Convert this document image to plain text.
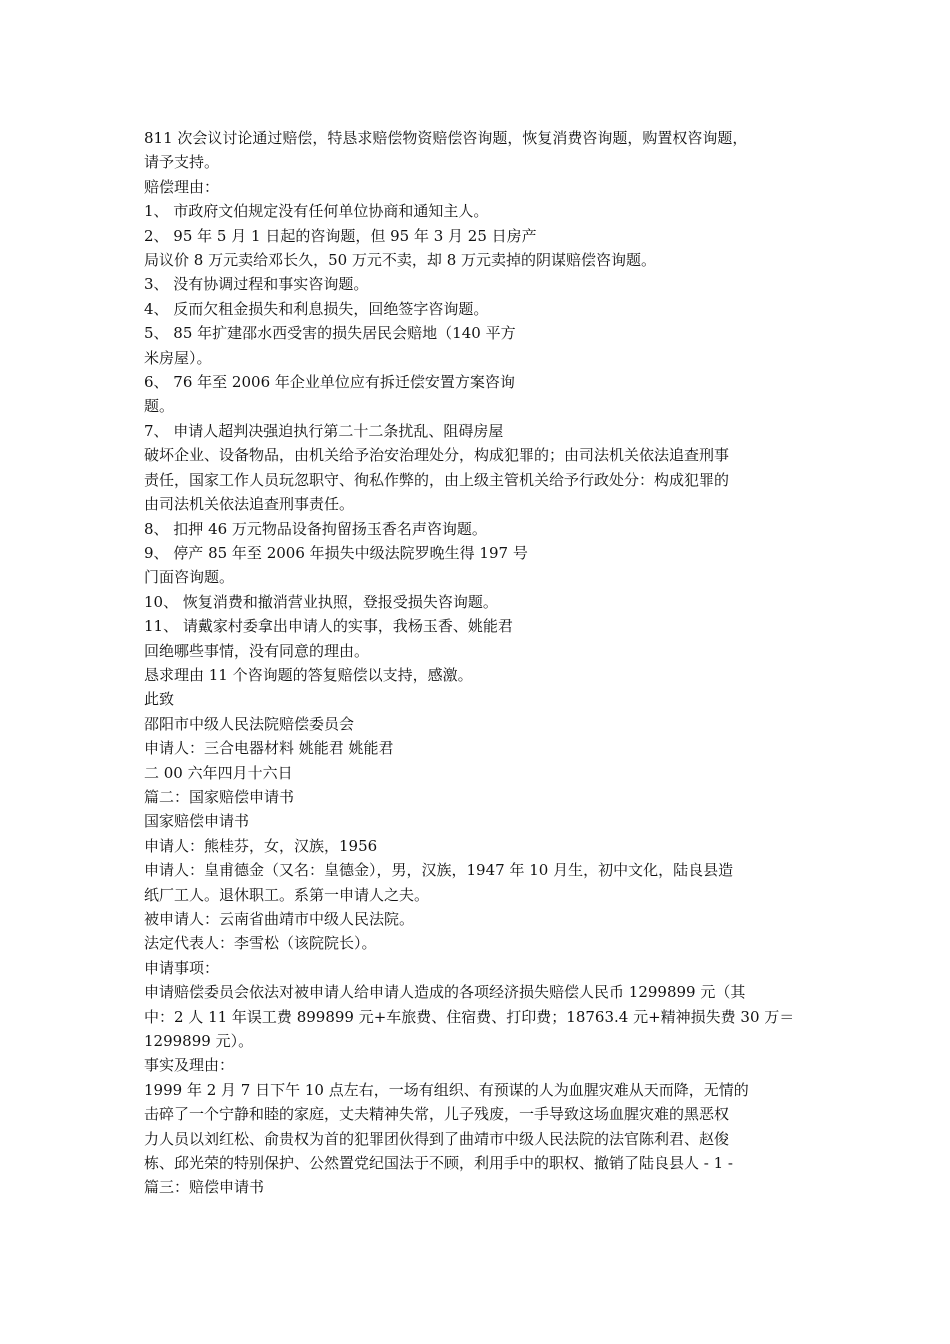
811 次会议讨论通过赔偿，特恳求赔偿物资赔偿咨询题，恢复消费咨询题，购置权咨询题，

请予支持。

赔偿理由：

1、 市政府文伯规定没有任何单位协商和通知主人。

2、 95 年 5 月 1 日起的咨询题，但 95 年 3 月 25 日房产

局议价 8 万元卖给邓长久，50 万元不卖，却 8 万元卖掉的阴谋赔偿咨询题。

3、 没有协调过程和事实咨询题。

4、 反而欠租金损失和利息损失，回绝签字咨询题。

5、 85 年扩建邵水西受害的损失居民会赔地（140 平方

米房屋）。

6、 76 年至 2006 年企业单位应有拆迁偿安置方案咨询

题。

7、 申请人超判决强迫执行第二十二条扰乱、阻碍房屋

破坏企业、设备物品，由机关给予治安治理处分，构成犯罪的；由司法机关依法追查刑事

责任，国家工作人员玩忽职守、徇私作弊的，由上级主管机关给予行政处分：构成犯罪的

由司法机关依法追查刑事责任。

8、 扣押 46 万元物品设备拘留扬玉香名声咨询题。

9、 停产 85 年至 2006 年损失中级法院罗晚生得 197 号

门面咨询题。

10、 恢复消费和撤消营业执照，登报受损失咨询题。

11、 请戴家村委拿出申请人的实事，我杨玉香、姚能君

回绝哪些事情，没有同意的理由。

恳求理由 11 个咨询题的答复赔偿以支持，感激。

此致

邵阳市中级人民法院赔偿委员会

申请人：三合电器材料 姚能君 姚能君

二 00 六年四月十六日

篇二：国家赔偿申请书

国家赔偿申请书

申请人：熊桂芬，女，汉族，1956

申请人：皇甫德金（又名：皇德金），男，汉族，1947 年 10 月生，初中文化，陆良县造

纸厂工人。退休职工。系第一申请人之夫。

被申请人：云南省曲靖市中级人民法院。

法定代表人：李雪松（该院院长）。

申请事项：

申请赔偿委员会依法对被申请人给申请人造成的各项经济损失赔偿人民币 1299899 元（其

中：2 人 11 年误工费 899899 元+车旅费、住宿费、打印费；18763.4 元+精神损失费 30 万＝

1299899 元）。

事实及理由：

1999 年 2 月 7 日下午 10 点左右，一场有组织、有预谋的人为血腥灾难从天而降，无情的

击碎了一个宁静和睦的家庭，丈夫精神失常，儿子残废，一手导致这场血腥灾难的黑恶权

力人员以刘红松、俞贵权为首的犯罪团伙得到了曲靖市中级人民法院的法官陈利君、赵俊

栋、邱光荣的特别保护、公然置党纪国法于不顾，利用手中的职权、撤销了陆良县人 - 1 -

篇三：赔偿申请书
